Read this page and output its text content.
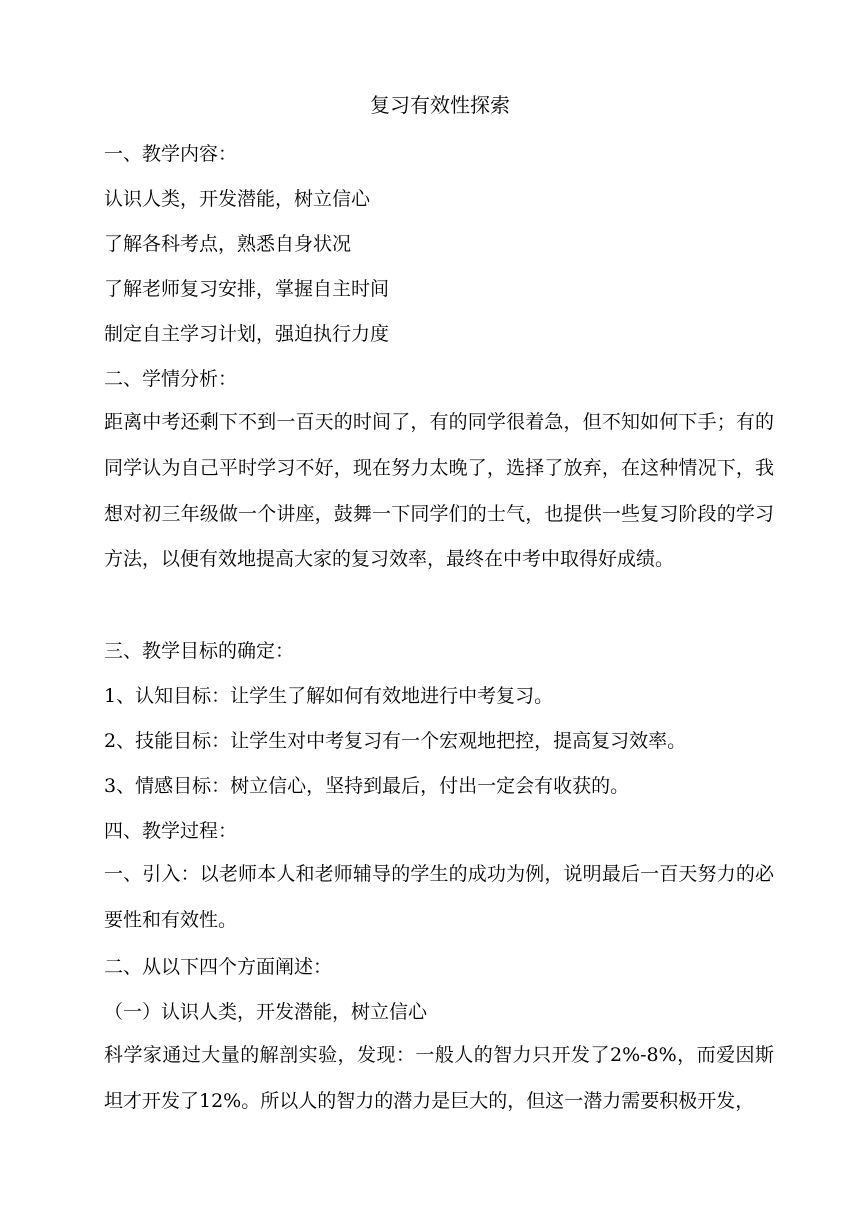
复习有效性探索
一、教学内容：
认识人类，开发潜能，树立信心
了解各科考点，熟悉自身状况
了解老师复习安排，掌握自主时间
制定自主学习计划，强迫执行力度
二、学情分析：
距离中考还剩下不到一百天的时间了，有的同学很着急，但不知如何下手；有的同学认为自己平时学习不好，现在努力太晚了，选择了放弃，在这种情况下，我想对初三年级做一个讲座，鼓舞一下同学们的士气，也提供一些复习阶段的学习方法，以便有效地提高大家的复习效率，最终在中考中取得好成绩。
三、教学目标的确定：
1、认知目标：让学生了解如何有效地进行中考复习。
2、技能目标：让学生对中考复习有一个宏观地把控，提高复习效率。
3、情感目标：树立信心，坚持到最后，付出一定会有收获的。
四、教学过程：
一、引入：以老师本人和老师辅导的学生的成功为例，说明最后一百天努力的必要性和有效性。
二、从以下四个方面阐述：
（一）认识人类，开发潜能，树立信心
科学家通过大量的解剖实验，发现：一般人的智力只开发了2%-8%，而爱因斯坦才开发了12%。所以人的智力的潜力是巨大的，但这一潜力需要积极开发，
